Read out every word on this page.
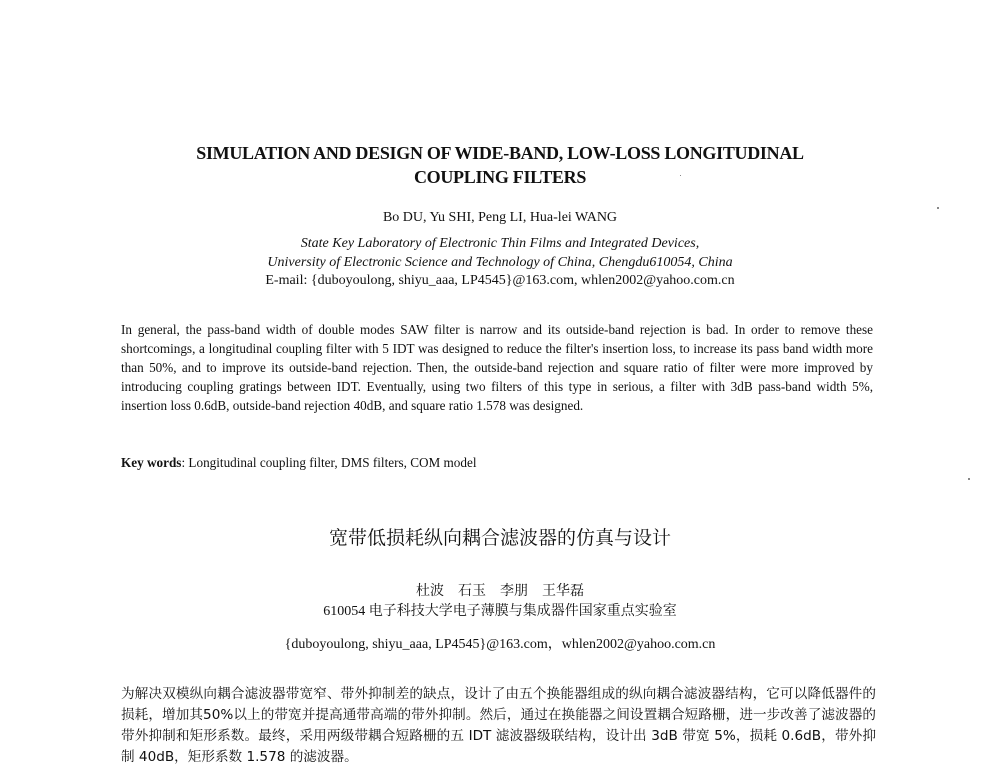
SIMULATION AND DESIGN OF WIDE-BAND, LOW-LOSS LONGITUDINAL
COUPLING FILTERS
Bo DU, Yu SHI, Peng LI, Hua-lei WANG
State Key Laboratory of Electronic Thin Films and Integrated Devices,
University of Electronic Science and Technology of China, Chengdu610054, China
E-mail: {duboyoulong, shiyu_aaa, LP4545}@163.com, whlen2002@yahoo.com.cn
In general, the pass-band width of double modes SAW filter is narrow and its outside-band rejection is bad. In order to remove these shortcomings, a longitudinal coupling filter with 5 IDT was designed to reduce the filter's insertion loss, to increase its pass band width more than 50%, and to improve its outside-band rejection. Then, the outside-band rejection and square ratio of filter were more improved by introducing coupling gratings between IDT. Eventually, using two filters of this type in serious, a filter with 3dB pass-band width 5%, insertion loss 0.6dB, outside-band rejection 40dB, and square ratio 1.578 was designed.
Key words: Longitudinal coupling filter, DMS filters, COM model
宽带低损耗纵向耦合滤波器的仿真与设计
杜波　石玉　李朋　王华磊
610054 电子科技大学电子薄膜与集成器件国家重点实验室
{duboyoulong, shiyu_aaa, LP4545}@163.com，whlen2002@yahoo.com.cn
为解决双模纵向耦合滤波器带宽窄、带外抑制差的缺点，设计了由五个换能器组成的纵向耦合滤波器结构，它可以降低器件的损耗，增加其50%以上的带宽并提高通带高端的带外抑制。然后，通过在换能器之间设置耦合短路栅，进一步改善了滤波器的带外抑制和矩形系数。最终，采用两级带耦合短路栅的五 IDT 滤波器级联结构，设计出 3dB 带宽 5%，损耗 0.6dB，带外抑制 40dB，矩形系数 1.578 的滤波器。
